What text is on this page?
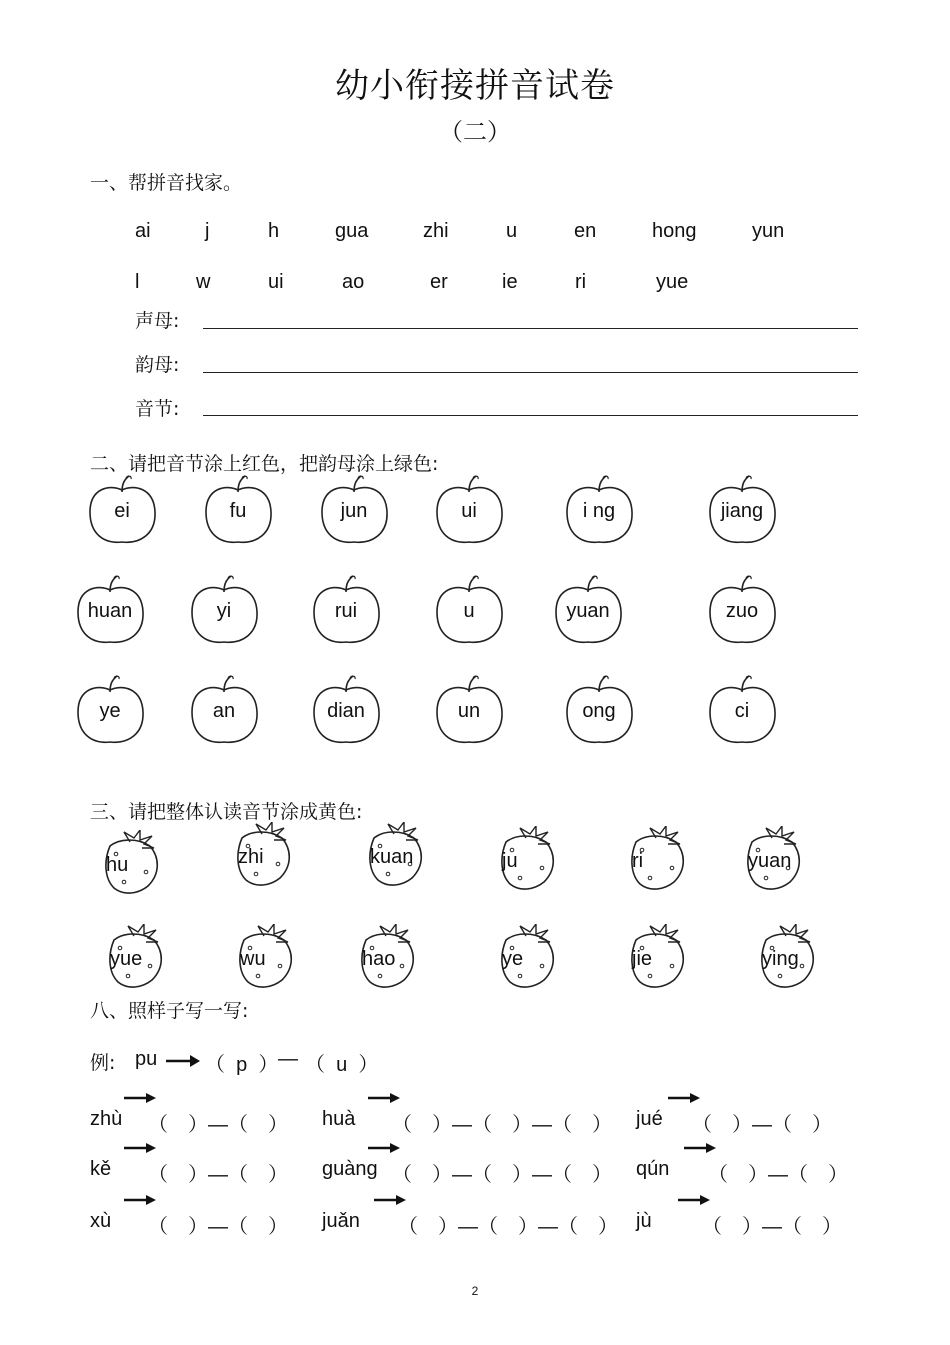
幼小衔接拼音试卷
（二）
一、帮拼音找家。
ai	j	h	gua	zhi	u	en	hong	yun
l	w	ui	ao	er	ie	ri	yue
声母:
韵母:
音节:
二、请把音节涂上红色，把韵母涂上绿色:
ei	fu	jun	ui	i ng	jiang
huan	yi	rui	u	yuan	zuo
ye	an	dian	un	ong	ci
三、请把整体认读音节涂成黄色:
hu	zhi	kuan	ju	ri	yuan
yue	wu	hao	ye	jie	ying
八、照样子写一写:
例: pu （  p  ） — （  u  ）
zhù （　）—（　） huà （　）—（　）—（　） jué （　）—（　）
kě （　）—（　） guàng （　）—（　）—（　） qún （　）—（　）
xù （　）—（　） juǎn （　）—（　）—（　） jù	（　）—（　）
2
